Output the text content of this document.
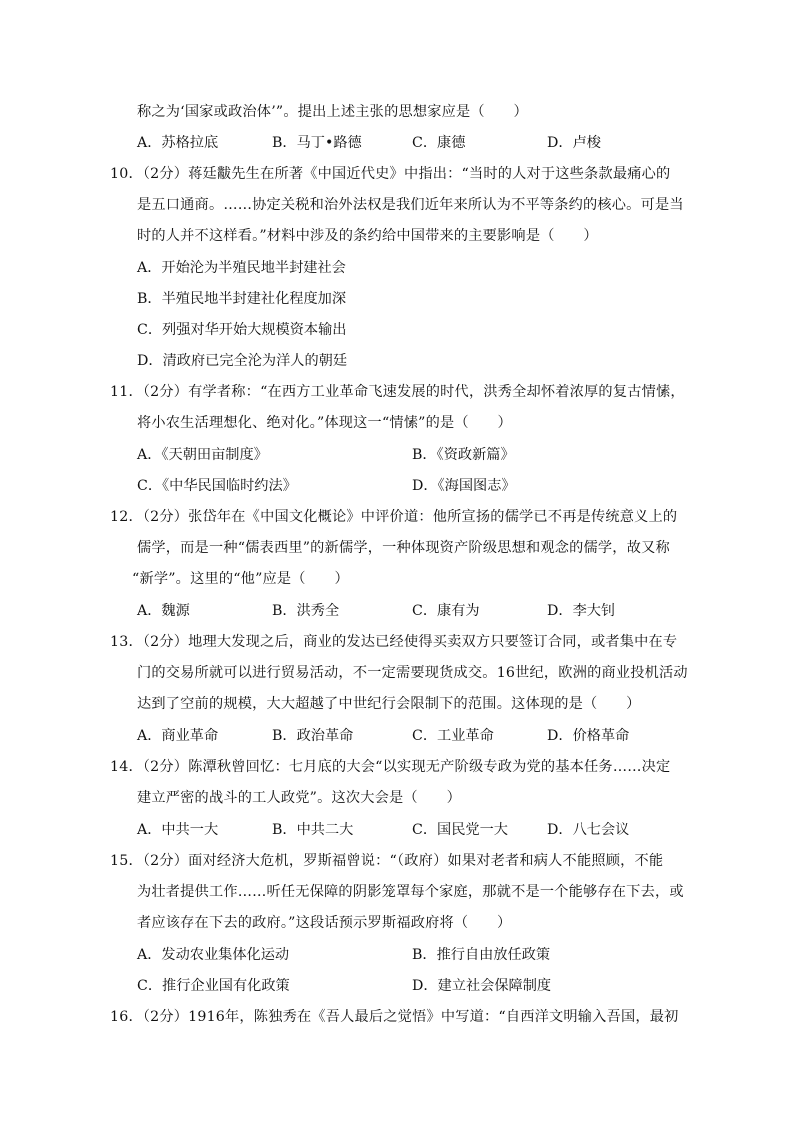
称之为‘国家或政治体’”。提出上述主张的思想家应是（　　）
A．苏格拉底	B．马丁•路德	C．康德	D．卢梭
10．（2分）蒋廷黻先生在所著《中国近代史》中指出：“当时的人对于这些条款最痛心的
是五口通商。……协定关税和治外法权是我们近年来所认为不平等条约的核心。可是当
时的人并不这样看。”材料中涉及的条约给中国带来的主要影响是（　　）
A．开始沦为半殖民地半封建社会
B．半殖民地半封建社化程度加深
C．列强对华开始大规模资本输出
D．清政府已完全沦为洋人的朝廷
11．（2分）有学者称：“在西方工业革命飞速发展的时代，洪秀全却怀着浓厚的复古情愫，
将小农生活理想化、绝对化。”体现这一“情愫”的是（　　）
A．《天朝田亩制度》	B．《资政新篇》
C．《中华民国临时约法》	D．《海国图志》
12．（2分）张岱年在《中国文化概论》中评价道：他所宣扬的儒学已不再是传统意义上的
儒学，而是一种“儒表西里”的新儒学，一种体现资产阶级思想和观念的儒学，故又称
“新学”。这里的“他”应是（　　）
A．魏源	B．洪秀全	C．康有为	D．李大钊
13．（2分）地理大发现之后，商业的发达已经使得买卖双方只要签订合同，或者集中在专
门的交易所就可以进行贸易活动，不一定需要现货成交。16世纪，欧洲的商业投机活动
达到了空前的规模，大大超越了中世纪行会限制下的范围。这体现的是（　　）
A．商业革命	B．政治革命	C．工业革命	D．价格革命
14．（2分）陈潭秋曾回忆：七月底的大会“以实现无产阶级专政为党的基本任务……决定
建立严密的战斗的工人政党”。这次大会是（　　）
A．中共一大	B．中共二大	C．国民党一大	D．八七会议
15．（2分）面对经济大危机，罗斯福曾说：“（政府）如果对老者和病人不能照顾，不能
为壮者提供工作……听任无保障的阴影笼罩每个家庭，那就不是一个能够存在下去，或
者应该存在下去的政府。”这段话预示罗斯福政府将（　　）
A．发动农业集体化运动	B．推行自由放任政策
C．推行企业国有化政策	D．建立社会保障制度
16．（2分）1916年，陈独秀在《吾人最后之觉悟》中写道：“自西洋文明输入吾国，最初
